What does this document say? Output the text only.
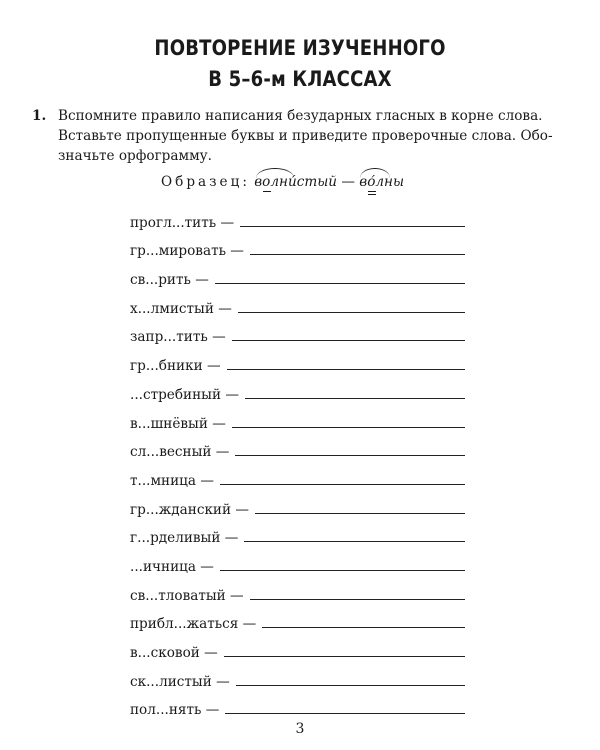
ПОВТОРЕНИЕ ИЗУЧЕННОГО
В 5–6-м КЛАССАХ
1. Вспомните правило написания безударных гласных в корне слова.
Вставьте пропущенные буквы и приведите проверочные слова. Обо-
значьте орфограмму.
Образец: волни́стый — во́лны
прогл...тить —
гр...мировать —
св...рить —
х...лмистый —
запр...тить —
гр...бники —
...стребиный —
в...шнёвый —
сл...весный —
т...мница —
гр...жданский —
г...рделивый —
...ичница —
св...тловатый —
прибл...жаться —
в...сковой —
ск...листый —
пол...нять —
3
